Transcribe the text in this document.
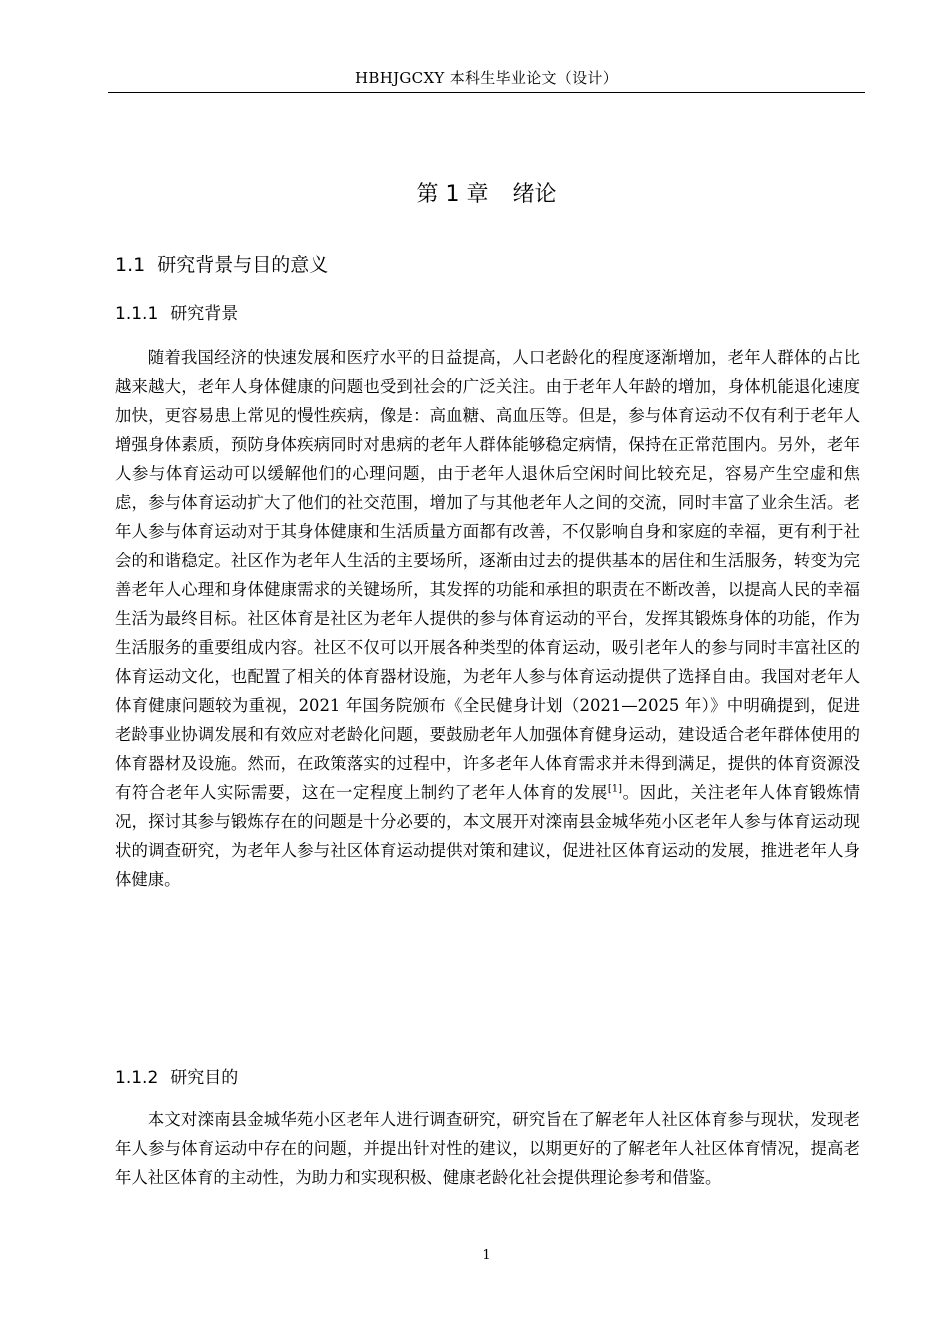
HBHJGCXY 本科生毕业论文（设计）
第 1 章 绪论
1.1 研究背景与目的意义
1.1.1 研究背景

随着我国经济的快速发展和医疗水平的日益提高，人口老龄化的程度逐渐增加，老年人群体的占比越来越大，老年人身体健康的问题也受到社会的广泛关注。由于老年人年龄的增加，身体机能退化速度加快，更容易患上常见的慢性疾病，像是：高血糖、高血压等。但是，参与体育运动不仅有利于老年人增强身体素质，预防身体疾病同时对患病的老年人群体能够稳定病情，保持在正常范围内。另外，老年人参与体育运动可以缓解他们的心理问题，由于老年人退休后空闲时间比较充足，容易产生空虚和焦虑，参与体育运动扩大了他们的社交范围，增加了与其他老年人之间的交流，同时丰富了业余生活。老年人参与体育运动对于其身体健康和生活质量方面都有改善，不仅影响自身和家庭的幸福，更有利于社会的和谐稳定。社区作为老年人生活的主要场所，逐渐由过去的提供基本的居住和生活服务，转变为完善老年人心理和身体健康需求的关键场所，其发挥的功能和承担的职责在不断改善，以提高人民的幸福生活为最终目标。社区体育是社区为老年人提供的参与体育运动的平台，发挥其锻炼身体的功能，作为生活服务的重要组成内容。社区不仅可以开展各种类型的体育运动，吸引老年人的参与同时丰富社区的体育运动文化，也配置了相关的体育器材设施，为老年人参与体育运动提供了选择自由。我国对老年人体育健康问题较为重视，2021 年国务院颁布《全民健身计划（2021—2025 年）》中明确提到，促进老龄事业协调发展和有效应对老龄化问题，要鼓励老年人加强体育健身运动，建设适合老年群体使用的体育器材及设施。然而，在政策落实的过程中，许多老年人体育需求并未得到满足，提供的体育资源没有符合老年人实际需要，这在一定程度上制约了老年人体育的发展[1]。因此，关注老年人体育锻炼情况，探讨其参与锻炼存在的问题是十分必要的，本文展开对滦南县金城华苑小区老年人参与体育运动现状的调查研究，为老年人参与社区体育运动提供对策和建议，促进社区体育运动的发展，推进老年人身体健康。

1.1.2 研究目的

本文对滦南县金城华苑小区老年人进行调查研究，研究旨在了解老年人社区体育参与现状，发现老年人参与体育运动中存在的问题，并提出针对性的建议，以期更好的了解老年人社区体育情况，提高老年人社区体育的主动性，为助力和实现积极、健康老龄化社会提供理论参考和借鉴。

1
